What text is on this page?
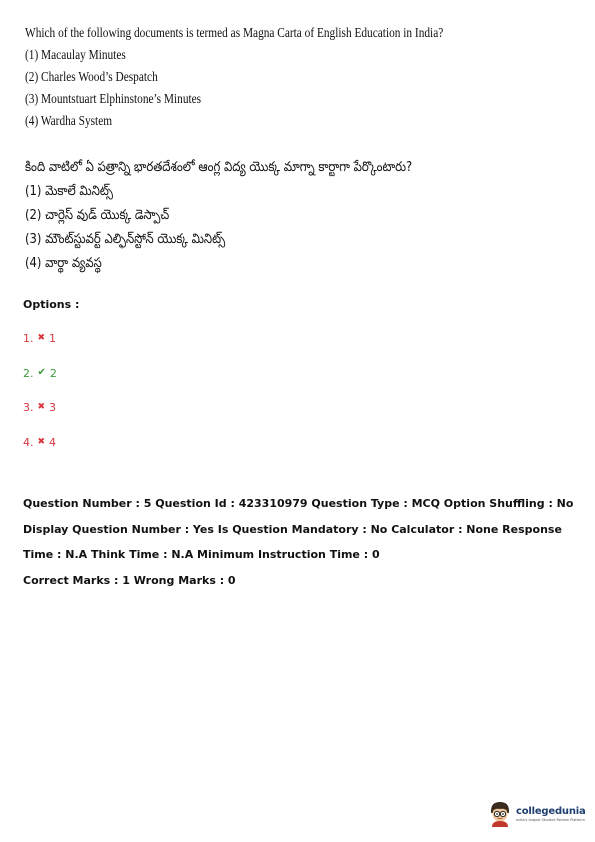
Which of the following documents is termed as Magna Carta of English Education in India?
(1) Macaulay Minutes
(2) Charles Wood’s Despatch
(3) Mountstuart Elphinstone’s Minutes
(4) Wardha System
కింది వాటిలో ఏ పత్రాన్ని భారతదేశంలో ఆంగ్ల విద్య యొక్క మాగ్నా కార్టాగా పేర్కొంటారు?
(1) మెకాలే మినిట్స్
(2) చార్లెస్ వుడ్ యొక్క డెస్పాచ్
(3) మౌంట్‌స్టువర్ట్ ఎల్ఫిన్‌స్టోన్ యొక్క మినిట్స్
(4) వార్థా వ్యవస్థ
Options :
1. ✖ 1
2. ✔ 2
3. ✖ 3
4. ✖ 4

Question Number : 5 Question Id : 423310979 Question Type : MCQ Option Shuffling : No Display Question Number : Yes Is Question Mandatory : No Calculator : None Response Time : N.A Think Time : N.A Minimum Instruction Time : 0

Correct Marks : 1 Wrong Marks : 0

collegedunia
India's largest Student Review Platform
